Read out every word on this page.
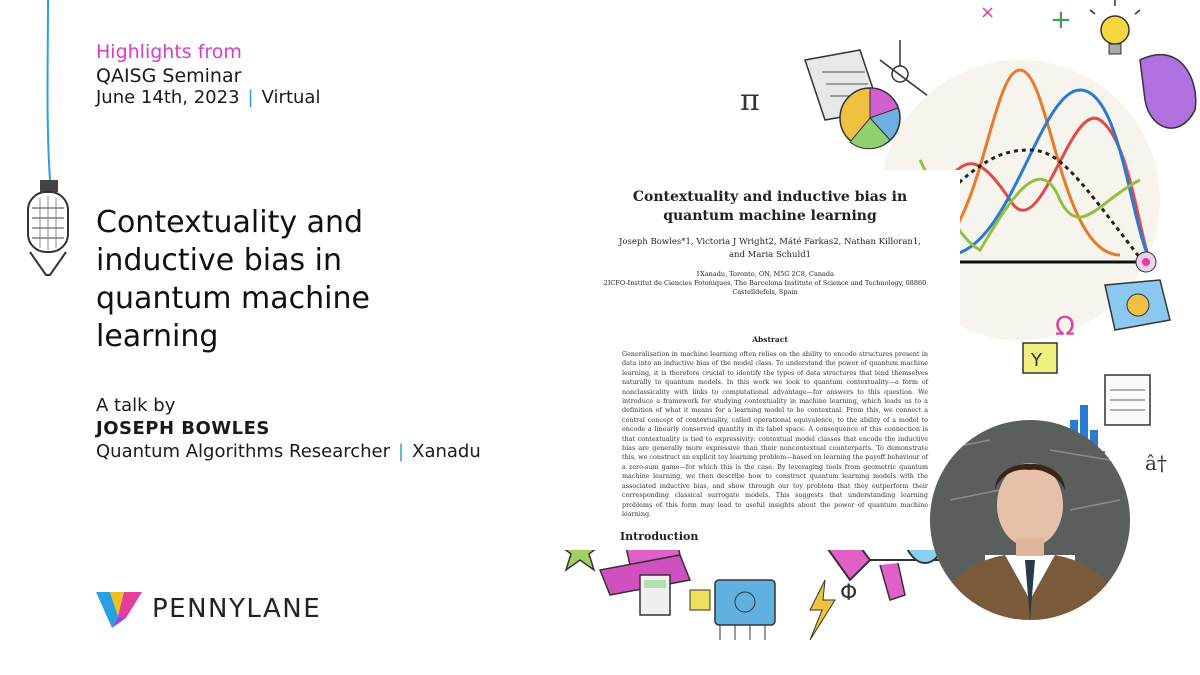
Highlights from
QAISG Seminar
June 14th, 2023 | Virtual
Contextuality and inductive bias in quantum machine learning
A talk by
JOSEPH BOWLES
Quantum Algorithms Researcher | Xanadu
PENNYLANE
π
+
×
Ω
Y
â†
Φ
Contextuality and inductive bias in quantum machine learning
Joseph Bowles*1, Victoria J Wright2, Máté Farkas2, Nathan Killoran1, and Maria Schuld1
1Xanadu, Toronto, ON, M5G 2C8, Canada
2ICFO-Institut de Ciencies Fotoniques, The Barcelona Institute of Science and Technology, 08860 Castelldefels, Spain
Abstract
Generalisation in machine learning often relies on the ability to encode structures present in data into an inductive bias of the model class. To understand the power of quantum machine learning, it is therefore crucial to identify the types of data structures that lend themselves naturally to quantum models. In this work we look to quantum contextuality—a form of nonclassicality with links to computational advantage—for answers to this question. We introduce a framework for studying contextuality in machine learning, which leads us to a definition of what it means for a learning model to be contextual. From this, we connect a central concept of contextuality, called operational equivalence, to the ability of a model to encode a linearly conserved quantity in its label space. A consequence of this connection is that contextuality is tied to expressivity: contextual model classes that encode the inductive bias are generally more expressive than their noncontextual counterparts. To demonstrate this, we construct an explicit toy learning problem—based on learning the payoff behaviour of a zero-sum game—for which this is the case. By leveraging tools from geometric quantum machine learning, we then describe how to construct quantum learning models with the associated inductive bias, and show through our toy problem that they outperform their corresponding classical surrogate models. This suggests that understanding learning problems of this form may lead to useful insights about the power of quantum machine learning.
Introduction
